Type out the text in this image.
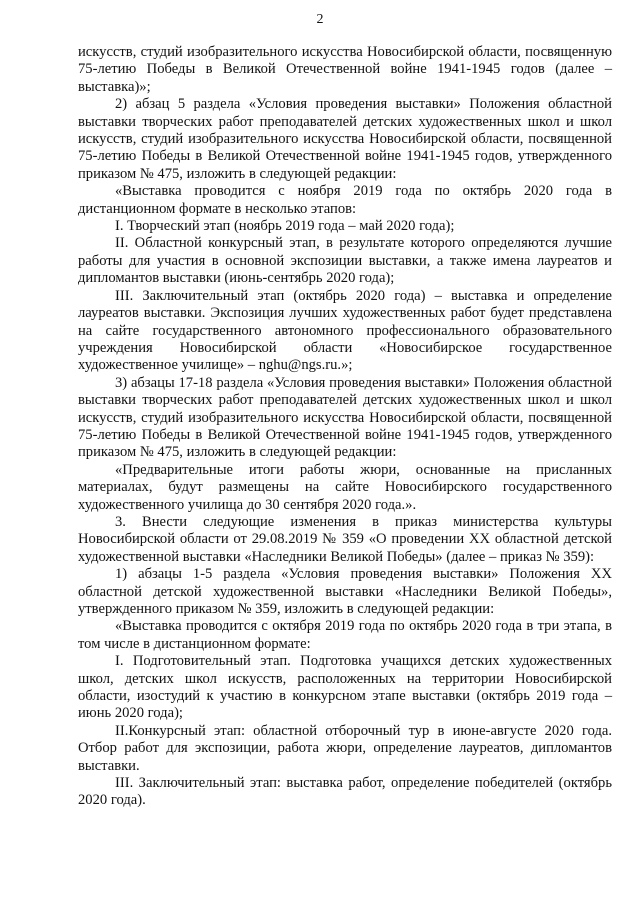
2

искусств, студий изобразительного искусства Новосибирской области, посвященную 75-летию Победы в Великой Отечественной войне 1941-1945 годов (далее – выставка)»;

2) абзац 5 раздела «Условия проведения выставки» Положения областной выставки творческих работ преподавателей детских художественных школ и школ искусств, студий изобразительного искусства Новосибирской области, посвященной 75-летию Победы в Великой Отечественной войне 1941-1945 годов, утвержденного приказом № 475, изложить в следующей редакции:

«Выставка проводится с ноября 2019 года по октябрь 2020 года в дистанционном формате в несколько этапов:

I. Творческий этап (ноябрь 2019 года – май 2020 года);

II. Областной конкурсный этап, в результате которого определяются лучшие работы для участия в основной экспозиции выставки, а также имена лауреатов и дипломантов выставки (июнь-сентябрь 2020 года);

III. Заключительный этап (октябрь 2020 года) – выставка и определение лауреатов выставки. Экспозиция лучших художественных работ будет представлена на сайте государственного автономного профессионального образовательного учреждения Новосибирской области «Новосибирское государственное художественное училище» – nghu@ngs.ru.»;

3) абзацы 17-18 раздела «Условия проведения выставки» Положения областной выставки творческих работ преподавателей детских художественных школ и школ искусств, студий изобразительного искусства Новосибирской области, посвященной 75-летию Победы в Великой Отечественной войне 1941-1945 годов, утвержденного приказом № 475, изложить в следующей редакции:

«Предварительные итоги работы жюри, основанные на присланных материалах, будут размещены на сайте Новосибирского государственного художественного училища до 30 сентября 2020 года.».

3. Внести следующие изменения в приказ министерства культуры Новосибирской области от 29.08.2019 № 359 «О проведении XX областной детской художественной выставки «Наследники Великой Победы» (далее – приказ № 359):

1) абзацы 1-5 раздела «Условия проведения выставки» Положения XX областной детской художественной выставки «Наследники Великой Победы», утвержденного приказом № 359, изложить в следующей редакции:

«Выставка проводится с октября 2019 года по октябрь 2020 года в три этапа, в том числе в дистанционном формате:

I. Подготовительный этап. Подготовка учащихся детских художественных школ, детских школ искусств, расположенных на территории Новосибирской области, изостудий к участию в конкурсном этапе выставки (октябрь 2019 года – июнь 2020 года);

II.Конкурсный этап: областной отборочный тур в июне-августе 2020 года. Отбор работ для экспозиции, работа жюри, определение лауреатов, дипломантов выставки.

III. Заключительный этап: выставка работ, определение победителей (октябрь 2020 года).
